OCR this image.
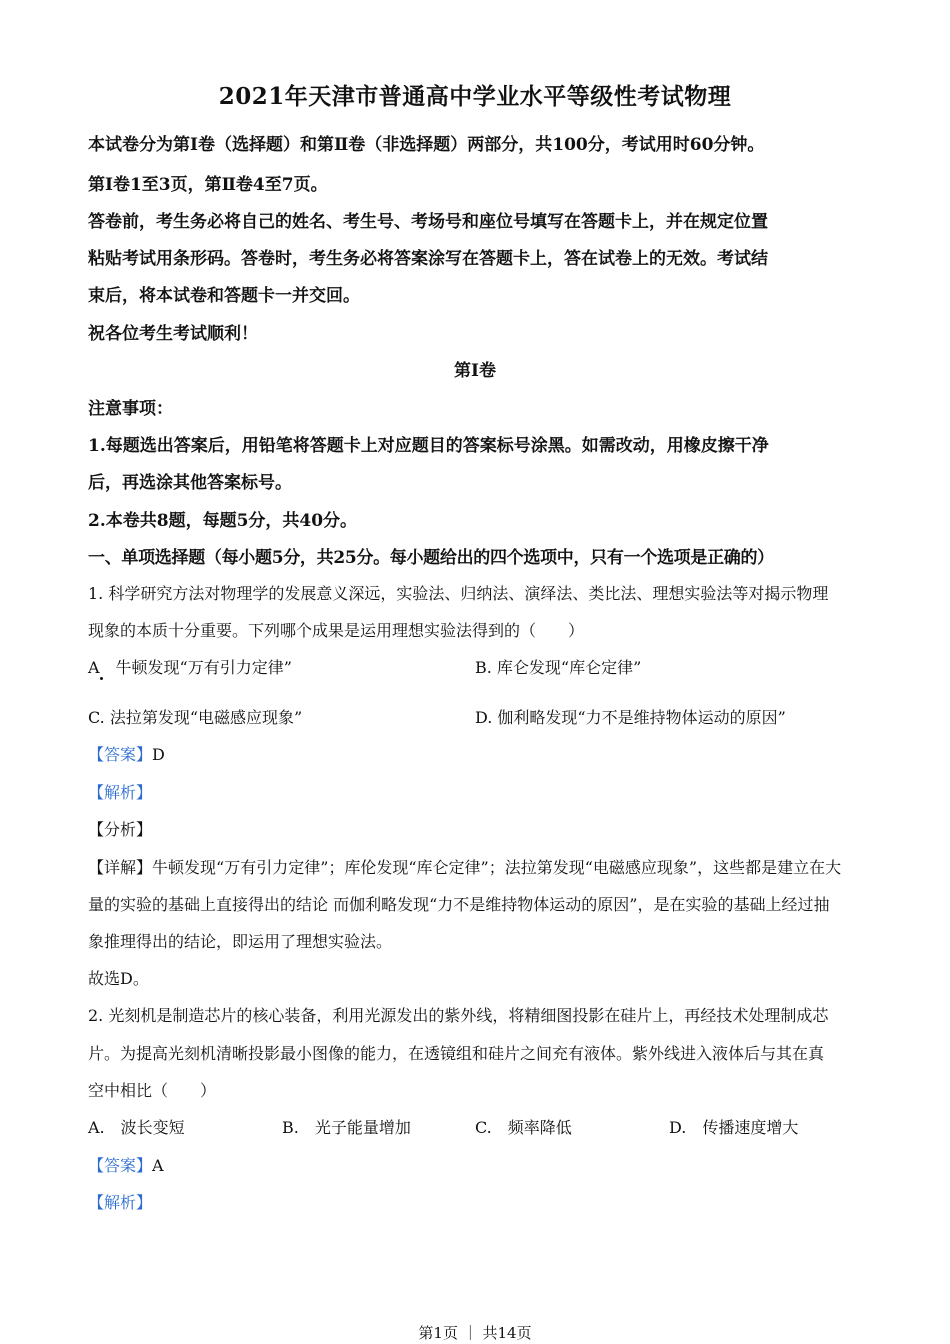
2021年天津市普通高中学业水平等级性考试物理
本试卷分为第Ⅰ卷（选择题）和第Ⅱ卷（非选择题）两部分，共100分，考试用时60分钟。
第Ⅰ卷1至3页，第Ⅱ卷4至7页。
答卷前，考生务必将自己的姓名、考生号、考场号和座位号填写在答题卡上，并在规定位置
粘贴考试用条形码。答卷时，考生务必将答案涂写在答题卡上，答在试卷上的无效。考试结
束后，将本试卷和答题卡一并交回。
祝各位考生考试顺利！
第Ⅰ卷
注意事项：
1.每题选出答案后，用铅笔将答题卡上对应题目的答案标号涂黑。如需改动，用橡皮擦干净
后，再选涂其他答案标号。
2.本卷共8题，每题5分，共40分。
一、单项选择题（每小题5分，共25分。每小题给出的四个选项中，只有一个选项是正确的）
1. 科学研究方法对物理学的发展意义深远，实验法、归纳法、演绎法、类比法、理想实验法等对揭示物理
现象的本质十分重要。下列哪个成果是运用理想实验法得到的（　　）
A　牛顿发现“万有引力定律”	B. 库仑发现“库仑定律”
C. 法拉第发现“电磁感应现象”	D. 伽利略发现“力不是维持物体运动的原因”
【答案】D
【解析】
【分析】
【详解】牛顿发现“万有引力定律”；库伦发现“库仑定律”；法拉第发现“电磁感应现象”，这些都是建立在大
量的实验的基础上直接得出的结论 而伽利略发现“力不是维持物体运动的原因”，是在实验的基础上经过抽
象推理得出的结论，即运用了理想实验法。
故选D。
2. 光刻机是制造芯片的核心装备，利用光源发出的紫外线，将精细图投影在硅片上，再经技术处理制成芯
片。为提高光刻机清晰投影最小图像的能力，在透镜组和硅片之间充有液体。紫外线进入液体后与其在真
空中相比（　　）
A.　波长变短	B.　光子能量增加	C.　频率降低	D.　传播速度增大
【答案】A
【解析】
第1页 ｜ 共14页
